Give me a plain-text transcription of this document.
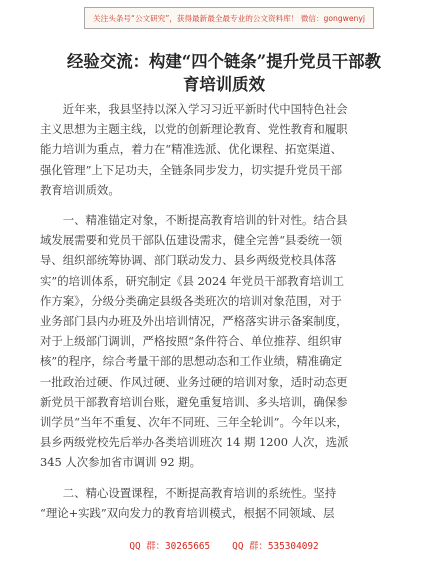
关注头条号“公文研究”，获得最新最全最专业的公文资料库！ 微信：gongwenyj
经验交流：构建“四个链条”提升党员干部教
育培训质效
近年来，我县坚持以深入学习习近平新时代中国特色社会
主义思想为主题主线，以党的创新理论教育、党性教育和履职
能力培训为重点，着力在“精准选派、优化课程、拓宽渠道、
强化管理”上下足功夫，全链条同步发力，切实提升党员干部
教育培训质效。
一、精准锚定对象，不断提高教育培训的针对性。结合县
域发展需要和党员干部队伍建设需求，健全完善“县委统一领
导、组织部统筹协调、部门联动发力、县乡两级党校具体落
实”的培训体系，研究制定《县 2024 年党员干部教育培训工
作方案》，分级分类确定县级各类班次的培训对象范围，对于
业务部门县内办班及外出培训情况，严格落实讲示备案制度，
对于上级部门调训，严格按照“条件符合、单位推荐、组织审
核”的程序，综合考量干部的思想动态和工作业绩，精准确定
一批政治过硬、作风过硬、业务过硬的培训对象，适时动态更
新党员干部教育培训台账，避免重复培训、多头培训，确保参
训学员“当年不重复、次年不同班、三年全轮训”。今年以来，
县乡两级党校先后举办各类培训班次 14 期 1200 人次，选派
345 人次参加省市调训 92 期。
二、精心设置课程，不断提高教育培训的系统性。坚持
“理论+实践”双向发力的教育培训模式，根据不同领域、层
QQ 群：30265665 QQ 群：535304092
